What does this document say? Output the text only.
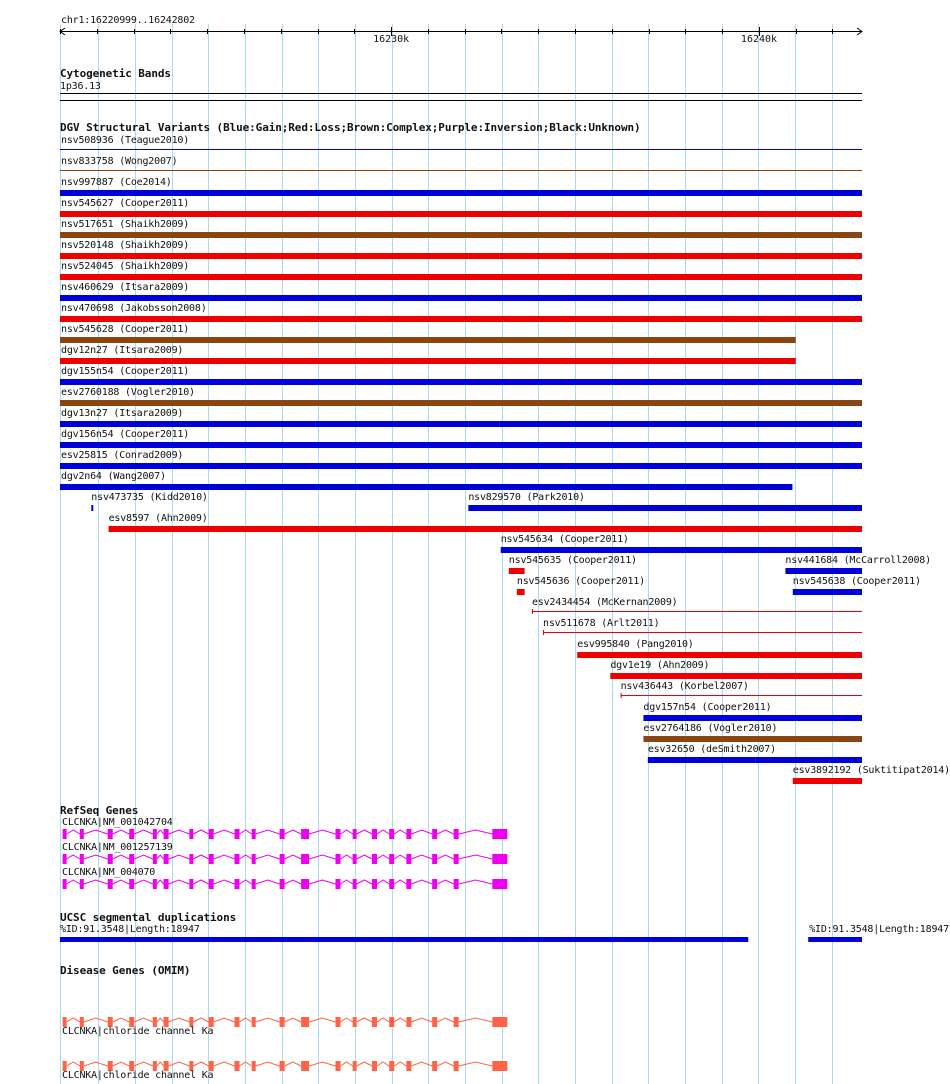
chr1:16220999..16242802
Cytogenetic Bands
1p36.13
DGV Structural Variants (Blue:Gain;Red:Loss;Brown:Complex;Purple:Inversion;Black:Unknown)
RefSeq Genes
UCSC segmental duplications
Disease Genes (OMIM)
16230k	16240k
nsv508936 (Teague2010)
nsv833758 (Wong2007)
nsv997887 (Coe2014)
nsv545627 (Cooper2011)
nsv517651 (Shaikh2009)
nsv520148 (Shaikh2009)
nsv524045 (Shaikh2009)
nsv460629 (Itsara2009)
nsv470698 (Jakobsson2008)
nsv545628 (Cooper2011)
dgv12n27 (Itsara2009)
dgv155n54 (Cooper2011)
esv2760188 (Vogler2010)
dgv13n27 (Itsara2009)
dgv156n54 (Cooper2011)
esv25815 (Conrad2009)
dgv2n64 (Wang2007)
nsv473735 (Kidd2010)	nsv829570 (Park2010)
esv8597 (Ahn2009)
nsv545634 (Cooper2011)
nsv545635 (Cooper2011)	nsv441684 (McCarroll2008)
nsv545636 (Cooper2011)	nsv545638 (Cooper2011)
esv2434454 (McKernan2009)
nsv511678 (Arlt2011)
esv995840 (Pang2010)
dgv1e19 (Ahn2009)
nsv436443 (Korbel2007)
dgv157n54 (Cooper2011)
esv2764186 (Vogler2010)
esv32650 (deSmith2007)
esv3892192 (Suktitipat2014)
CLCNKA|NM_001042704
CLCNKA|NM_001257139
CLCNKA|NM_004070
%ID:91.3548|Length:18947	%ID:91.3548|Length:18947
CLCNKA|chloride channel Ka
CLCNKA|chloride channel Ka
